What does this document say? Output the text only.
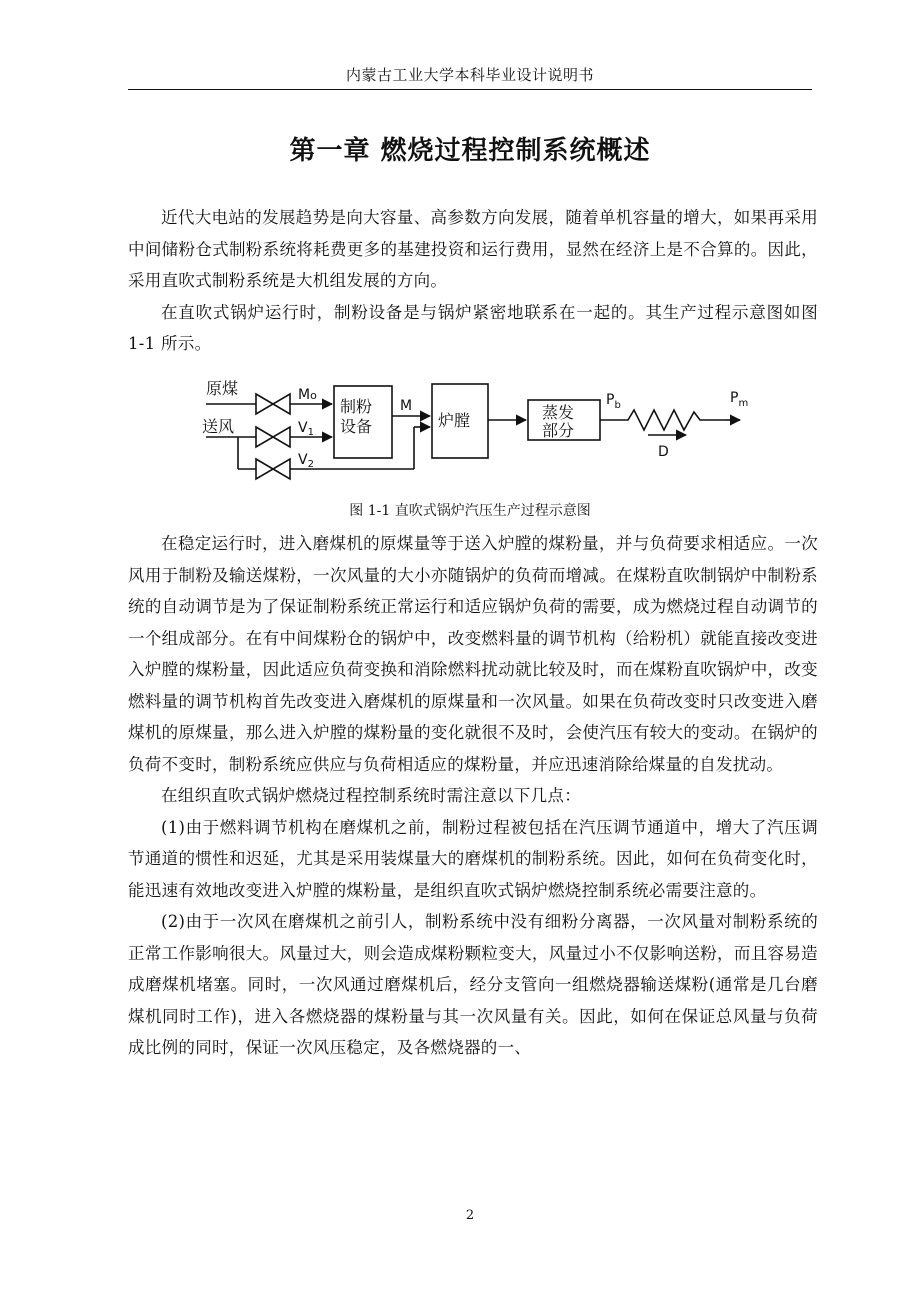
内蒙古工业大学本科毕业设计说明书
第一章 燃烧过程控制系统概述

近代大电站的发展趋势是向大容量、高参数方向发展，随着单机容量的增大，如果再采用中间储粉仓式制粉系统将耗费更多的基建投资和运行费用，显然在经济上是不合算的。因此，采用直吹式制粉系统是大机组发展的方向。

在直吹式锅炉运行时，制粉设备是与锅炉紧密地联系在一起的。其生产过程示意图如图 1-1 所示。

原煤
送风
Mo
$V_1$
$V_2$
M
制粉
设备	炉膛	蒸发
部分
$P_b$	$P_m$
D
图 1-1 直吹式锅炉汽压生产过程示意图

在稳定运行时，进入磨煤机的原煤量等于送入炉膛的煤粉量，并与负荷要求相适应。一次风用于制粉及输送煤粉，一次风量的大小亦随锅炉的负荷而增减。在煤粉直吹制锅炉中制粉系统的自动调节是为了保证制粉系统正常运行和适应锅炉负荷的需要，成为燃烧过程自动调节的一个组成部分。在有中间煤粉仓的锅炉中，改变燃料量的调节机构（给粉机）就能直接改变进入炉膛的煤粉量，因此适应负荷变换和消除燃料扰动就比较及时，而在煤粉直吹锅炉中，改变燃料量的调节机构首先改变进入磨煤机的原煤量和一次风量。如果在负荷改变时只改变进入磨煤机的原煤量，那么进入炉膛的煤粉量的变化就很不及时，会使汽压有较大的变动。在锅炉的负荷不变时，制粉系统应供应与负荷相适应的煤粉量，并应迅速消除给煤量的自发扰动。

在组织直吹式锅炉燃烧过程控制系统时需注意以下几点：

(1)由于燃料调节机构在磨煤机之前，制粉过程被包括在汽压调节通道中，增大了汽压调节通道的惯性和迟延，尤其是采用装煤量大的磨煤机的制粉系统。因此，如何在负荷变化时，能迅速有效地改变进入炉膛的煤粉量，是组织直吹式锅炉燃烧控制系统必需要注意的。

(2)由于一次风在磨煤机之前引人，制粉系统中没有细粉分离器，一次风量对制粉系统的正常工作影响很大。风量过大，则会造成煤粉颗粒变大，风量过小不仅影响送粉，而且容易造成磨煤机堵塞。同时，一次风通过磨煤机后，经分支管向一组燃烧器输送煤粉(通常是几台磨煤机同时工作)，进入各燃烧器的煤粉量与其一次风量有关。因此，如何在保证总风量与负荷成比例的同时，保证一次风压稳定，及各燃烧器的一、

2
